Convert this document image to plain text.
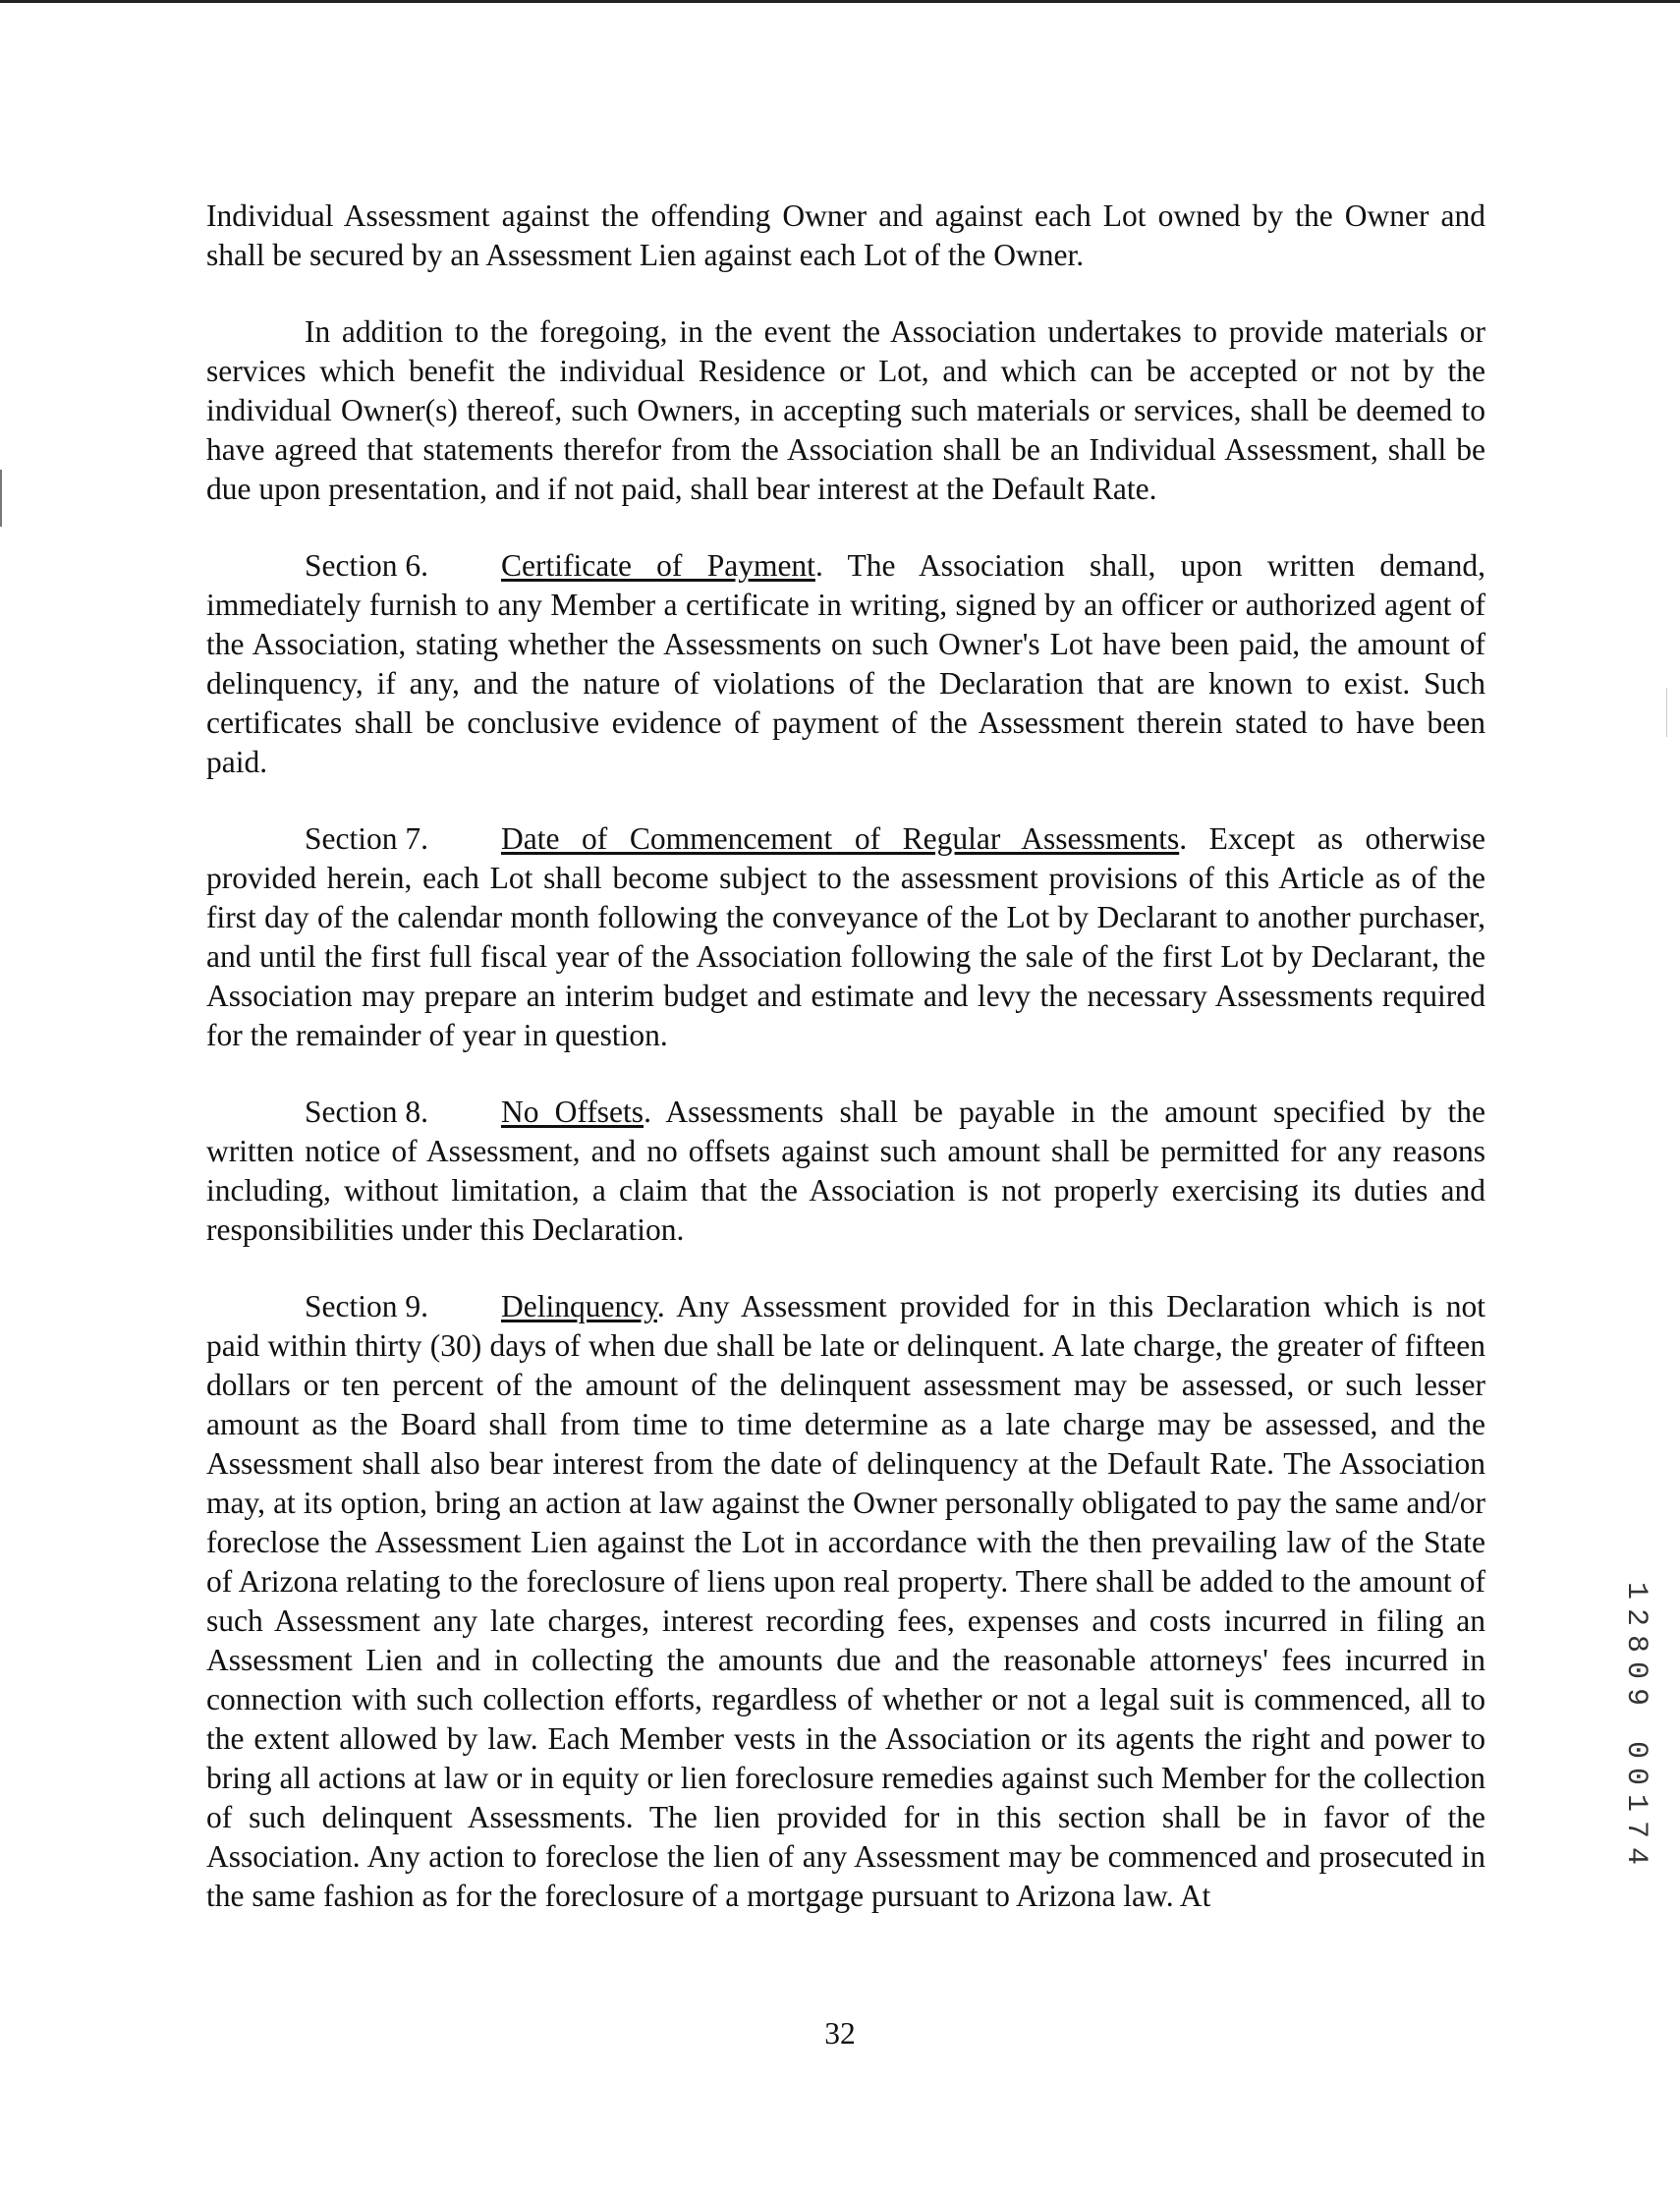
Individual Assessment against the offending Owner and against each Lot owned by the Owner and shall be secured by an Assessment Lien against each Lot of the Owner.

In addition to the foregoing, in the event the Association undertakes to provide materials or services which benefit the individual Residence or Lot, and which can be accepted or not by the individual Owner(s) thereof, such Owners, in accepting such materials or services, shall be deemed to have agreed that statements therefor from the Association shall be an Individual Assessment, shall be due upon presentation, and if not paid, shall bear interest at the Default Rate.

Section 6. Certificate of Payment. The Association shall, upon written demand, immediately furnish to any Member a certificate in writing, signed by an officer or authorized agent of the Association, stating whether the Assessments on such Owner's Lot have been paid, the amount of delinquency, if any, and the nature of violations of the Declaration that are known to exist. Such certificates shall be conclusive evidence of payment of the Assessment therein stated to have been paid.

Section 7. Date of Commencement of Regular Assessments. Except as otherwise provided herein, each Lot shall become subject to the assessment provisions of this Article as of the first day of the calendar month following the conveyance of the Lot by Declarant to another purchaser, and until the first full fiscal year of the Association following the sale of the first Lot by Declarant, the Association may prepare an interim budget and estimate and levy the necessary Assessments required for the remainder of year in question.

Section 8. No Offsets. Assessments shall be payable in the amount specified by the written notice of Assessment, and no offsets against such amount shall be permitted for any reasons including, without limitation, a claim that the Association is not properly exercising its duties and responsibilities under this Declaration.

Section 9. Delinquency. Any Assessment provided for in this Declaration which is not paid within thirty (30) days of when due shall be late or delinquent. A late charge, the greater of fifteen dollars or ten percent of the amount of the delinquent assessment may be assessed, or such lesser amount as the Board shall from time to time determine as a late charge may be assessed, and the Assessment shall also bear interest from the date of delinquency at the Default Rate. The Association may, at its option, bring an action at law against the Owner personally obligated to pay the same and/or foreclose the Assessment Lien against the Lot in accordance with the then prevailing law of the State of Arizona relating to the foreclosure of liens upon real property. There shall be added to the amount of such Assessment any late charges, interest recording fees, expenses and costs incurred in filing an Assessment Lien and in collecting the amounts due and the reasonable attorneys' fees incurred in connection with such collection efforts, regardless of whether or not a legal suit is commenced, all to the extent allowed by law. Each Member vests in the Association or its agents the right and power to bring all actions at law or in equity or lien foreclosure remedies against such Member for the collection of such delinquent Assessments. The lien provided for in this section shall be in favor of the Association. Any action to foreclose the lien of any Assessment may be commenced and prosecuted in the same fashion as for the foreclosure of a mortgage pursuant to Arizona law. At

32
1
2
8
0
9
0
0
1
7
4
